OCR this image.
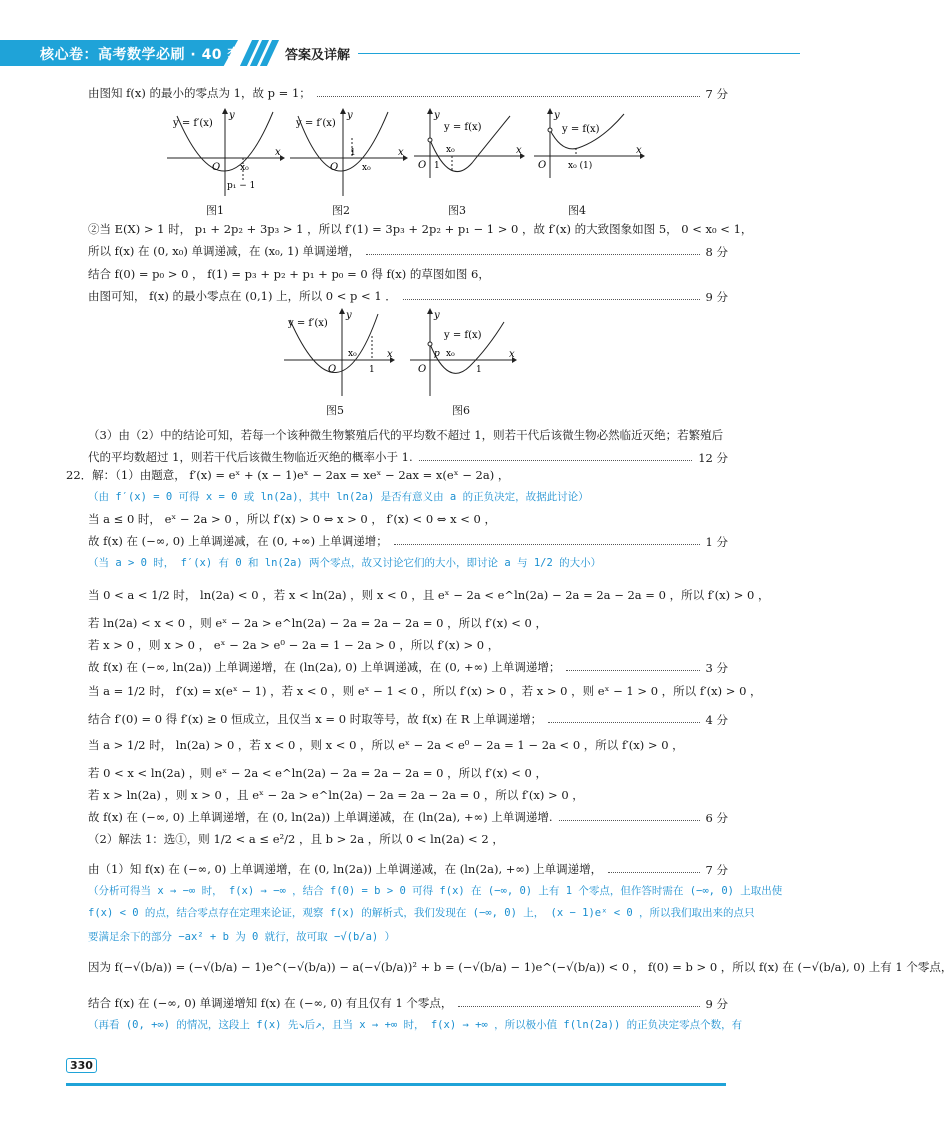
核心卷：高考数学必刷 · 40 套	答案及详解
由图知 f(x) 的最小的零点为 1，故 p = 1；	7 分
②当 E(X) > 1 时， p₁ + 2p₂ + 3p₃ > 1 ，所以 f′(1) = 3p₃ + 2p₂ + p₁ − 1 > 0 ，故 f′(x) 的大致图象如图 5， 0 < x₀ < 1，
所以 f(x) 在 (0, x₀) 单调递减，在 (x₀, 1) 单调递增，	8 分
结合 f(0) = p₀ > 0 ， f(1) = p₃ + p₂ + p₁ + p₀ = 0 得 f(x) 的草图如图 6，
由图可知， f(x) 的最小零点在 (0,1) 上，所以 0 < p < 1 ．	9 分
（3）由（2）中的结论可知，若每一个该种微生物繁殖后代的平均数不超过 1，则若干代后该微生物必然临近灭绝；若繁殖后
代的平均数超过 1，则若干代后该微生物临近灭绝的概率小于 1.	12 分
22．解：（1）由题意， f′(x) = eˣ + (x − 1)eˣ − 2ax = xeˣ − 2ax = x(eˣ − 2a) ，
（由 f′(x) = 0 可得 x = 0 或 ln(2a)，其中 ln(2a) 是否有意义由 a 的正负决定，故据此讨论）
当 a ≤ 0 时， eˣ − 2a > 0 ，所以 f′(x) > 0 ⇔ x > 0 ， f′(x) < 0 ⇔ x < 0 ，
故 f(x) 在 (−∞, 0) 上单调递减，在 (0, +∞) 上单调递增；	1 分
（当 a > 0 时， f′(x) 有 0 和 ln(2a) 两个零点，故又讨论它们的大小，即讨论 a 与 1/2 的大小）
当 0 < a < 1/2 时， ln(2a) < 0 ，若 x < ln(2a) ，则 x < 0 ，且 eˣ − 2a < e^ln(2a) − 2a = 2a − 2a = 0 ，所以 f′(x) > 0 ，
若 ln(2a) < x < 0 ，则 eˣ − 2a > e^ln(2a) − 2a = 2a − 2a = 0 ，所以 f′(x) < 0 ，
若 x > 0 ，则 x > 0 ， eˣ − 2a > e⁰ − 2a = 1 − 2a > 0 ，所以 f′(x) > 0 ，
故 f(x) 在 (−∞, ln(2a)) 上单调递增，在 (ln(2a), 0) 上单调递减，在 (0, +∞) 上单调递增；	3 分
当 a = 1/2 时， f′(x) = x(eˣ − 1) ，若 x < 0 ，则 eˣ − 1 < 0 ，所以 f′(x) > 0 ，若 x > 0 ，则 eˣ − 1 > 0 ，所以 f′(x) > 0 ，
结合 f′(0) = 0 得 f′(x) ≥ 0 恒成立，且仅当 x = 0 时取等号，故 f(x) 在 R 上单调递增；	4 分
当 a > 1/2 时， ln(2a) > 0 ，若 x < 0 ，则 x < 0 ，所以 eˣ − 2a < e⁰ − 2a = 1 − 2a < 0 ，所以 f′(x) > 0 ，
若 0 < x < ln(2a) ，则 eˣ − 2a < e^ln(2a) − 2a = 2a − 2a = 0 ，所以 f′(x) < 0 ，
若 x > ln(2a) ，则 x > 0 ，且 eˣ − 2a > e^ln(2a) − 2a = 2a − 2a = 0 ，所以 f′(x) > 0 ，
故 f(x) 在 (−∞, 0) 上单调递增，在 (0, ln(2a)) 上单调递减，在 (ln(2a), +∞) 上单调递增.	6 分
（2）解法 1：选①，则 1/2 < a ≤ e²/2 ，且 b > 2a ，所以 0 < ln(2a) < 2 ，
由（1）知 f(x) 在 (−∞, 0) 上单调递增，在 (0, ln(2a)) 上单调递减，在 (ln(2a), +∞) 上单调递增，	7 分
（分析可得当 x → −∞ 时， f(x) → −∞ ，结合 f(0) = b > 0 可得 f(x) 在 (−∞, 0) 上有 1 个零点，但作答时需在 (−∞, 0) 上取出使
f(x) < 0 的点，结合零点存在定理来论证，观察 f(x) 的解析式，我们发现在 (−∞, 0) 上， (x − 1)eˣ < 0 ，所以我们取出来的点只
要满足余下的部分 −ax² + b 为 0 就行，故可取 −√(b/a) ）
因为 f(−√(b/a)) = (−√(b/a) − 1)e^(−√(b/a)) − a(−√(b/a))² + b = (−√(b/a) − 1)e^(−√(b/a)) < 0 ， f(0) = b > 0 ，所以 f(x) 在 (−√(b/a), 0) 上有 1 个零点，
结合 f(x) 在 (−∞, 0) 单调递增知 f(x) 在 (−∞, 0) 有且仅有 1 个零点，	9 分
（再看 (0, +∞) 的情况，这段上 f(x) 先↘后↗，且当 x → +∞ 时， f(x) → +∞ ，所以极小值 f(ln(2a)) 的正负决定零点个数，有
y = f′(x)
y
x
O x₀
p₁ − 1
图1
y = f′(x)
y
x
O
1
x₀
图2
y = f(x)
y
x
O 1
x₀
图3
y = f(x)
y
x
O x₀ (1)
图4
y = f′(x)
y
x
O
x₀
1
图5
y = f(x)
y
x
O
p x₀
1
图6
330
